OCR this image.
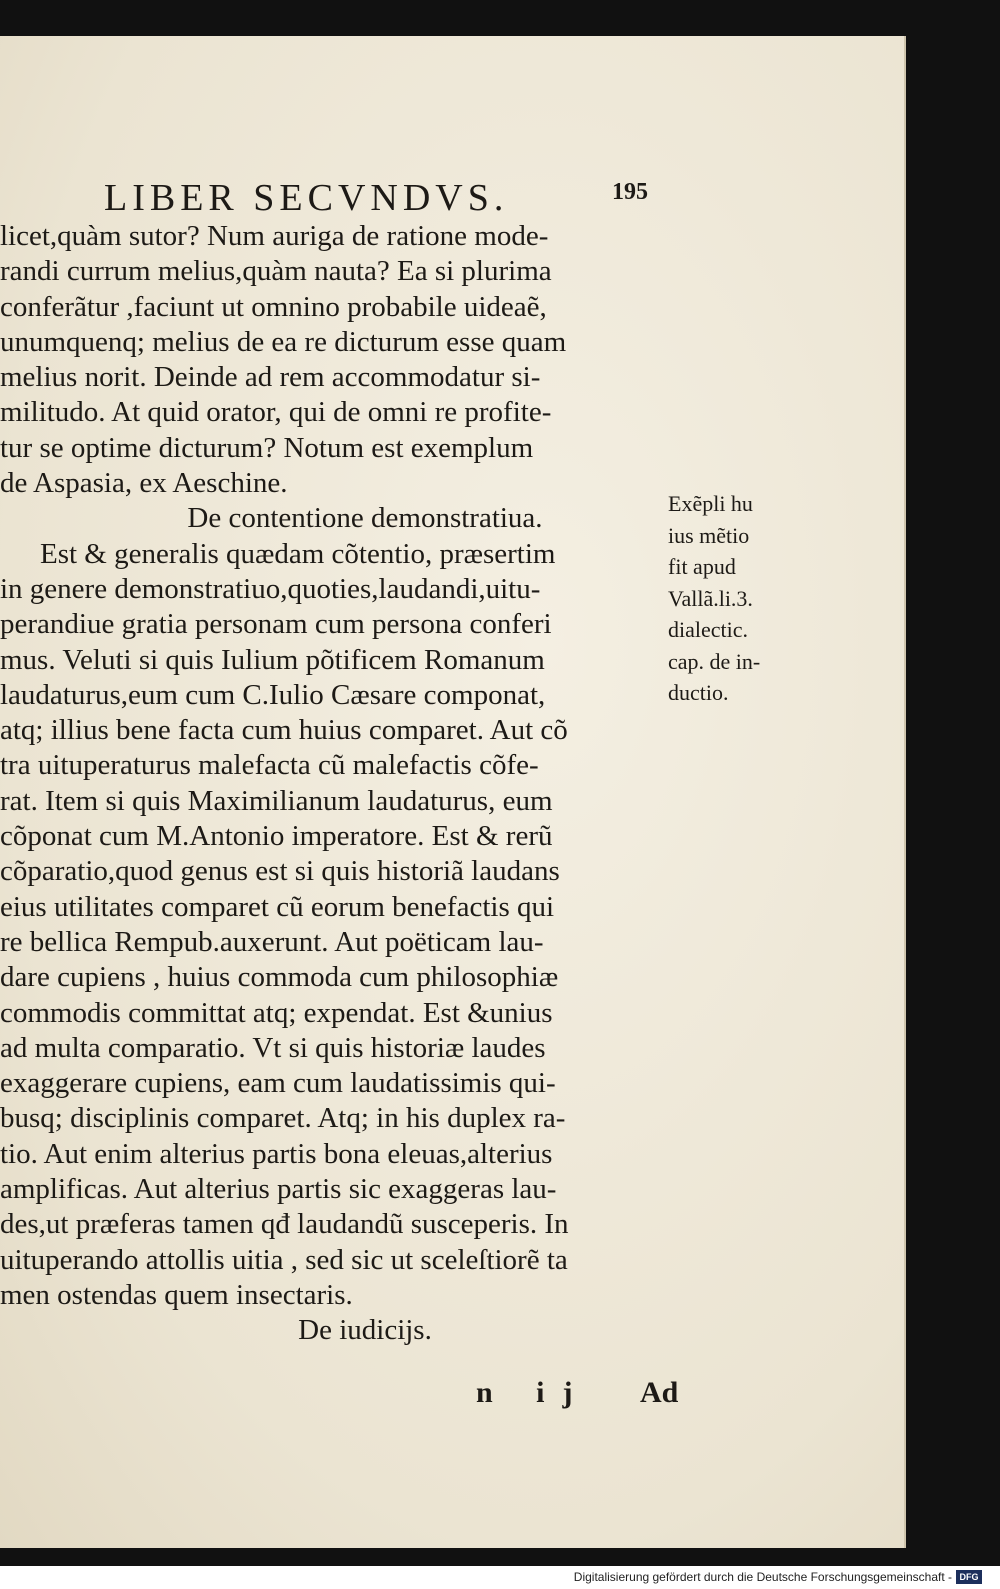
LIBER SECVNDVS.	195
licet,quàm sutor? Num auriga de ratione mode-
randi currum melius,quàm nauta? Ea si plurima
conferãtur ,faciunt ut omnino probabile uideaẽ,
unumquenq; melius de ea re dicturum esse quam
melius norit. Deinde ad rem accommodatur si-
militudo. At quid orator, qui de omni re profite-
tur se optime dicturum? Notum est exemplum
de Aspasia, ex Aeschine.
De contentione demonstratiua.
Est & generalis quædam cõtentio, præsertim
in genere demonstratiuo,quoties,laudandi,uitu-
perandiue gratia personam cum persona conferi
mus. Veluti si quis Iulium põtificem Romanum
laudaturus,eum cum C.Iulio Cæsare componat,
atq; illius bene facta cum huius comparet. Aut cõ
tra uituperaturus malefacta cũ malefactis cõfe-
rat. Item si quis Maximilianum laudaturus, eum
cõponat cum M.Antonio imperatore. Est & rerũ
cõparatio,quod genus est si quis historiã laudans
eius utilitates comparet cũ eorum benefactis qui
re bellica Rempub.auxerunt. Aut poëticam lau-
dare cupiens , huius commoda cum philosophiæ
commodis committat atq; expendat. Est &unius
ad multa comparatio. Vt si quis historiæ laudes
exaggerare cupiens, eam cum laudatissimis qui-
busq; disciplinis comparet. Atq; in his duplex ra-
tio. Aut enim alterius partis bona eleuas,alterius
amplificas. Aut alterius partis sic exaggeras lau-
des,ut præferas tamen qđ laudandũ susceperis. In
uituperando attollis uitia , sed sic ut sceleſtiorẽ ta
men ostendas quem insectaris.
De iudicijs.
Exẽpli hu
ius mẽtio
fit apud
Vallã.li.3.
dialectic.
cap. de in-
ductio.
n ij Ad
Digitalisierung gefördert durch die Deutsche Forschungsgemeinschaft - DFG
